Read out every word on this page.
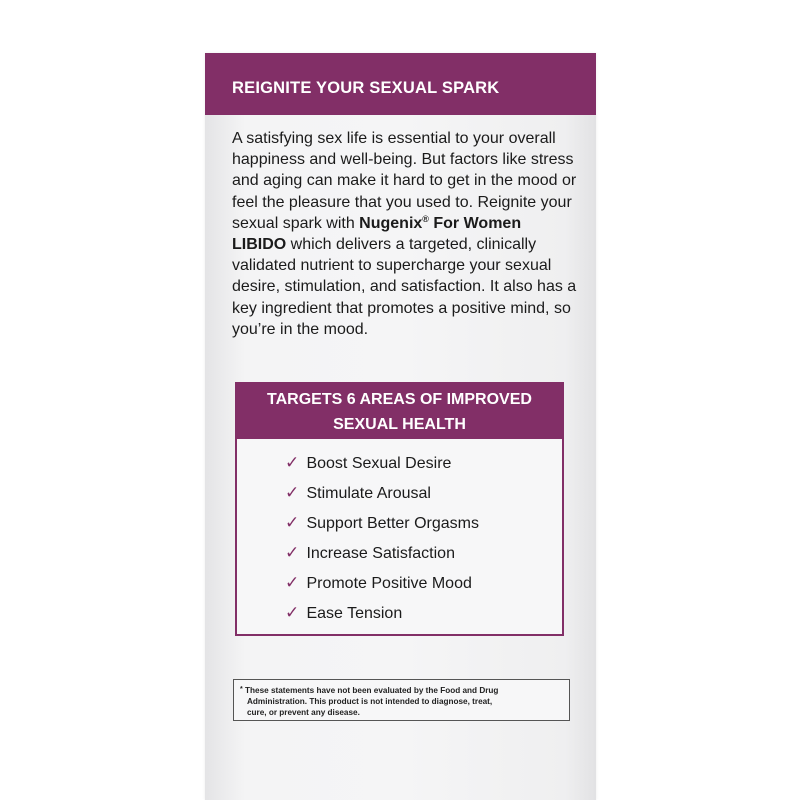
REIGNITE YOUR SEXUAL SPARK

A satisfying sex life is essential to your overall happiness and well-being. But factors like stress and aging can make it hard to get in the mood or feel the pleasure that you used to. Reignite your sexual spark with Nugenix® For Women LIBIDO which delivers a targeted, clinically validated nutrient to supercharge your sexual desire, stimulation, and satisfaction. It also has a key ingredient that promotes a positive mind, so you’re in the mood.

TARGETS 6 AREAS OF IMPROVED
SEXUAL HEALTH
✓ Boost Sexual Desire
✓ Stimulate Arousal
✓ Support Better Orgasms
✓ Increase Satisfaction
✓ Promote Positive Mood
✓ Ease Tension
* These statements have not been evaluated by the Food and Drug
Administration. This product is not intended to diagnose, treat,
cure, or prevent any disease.
